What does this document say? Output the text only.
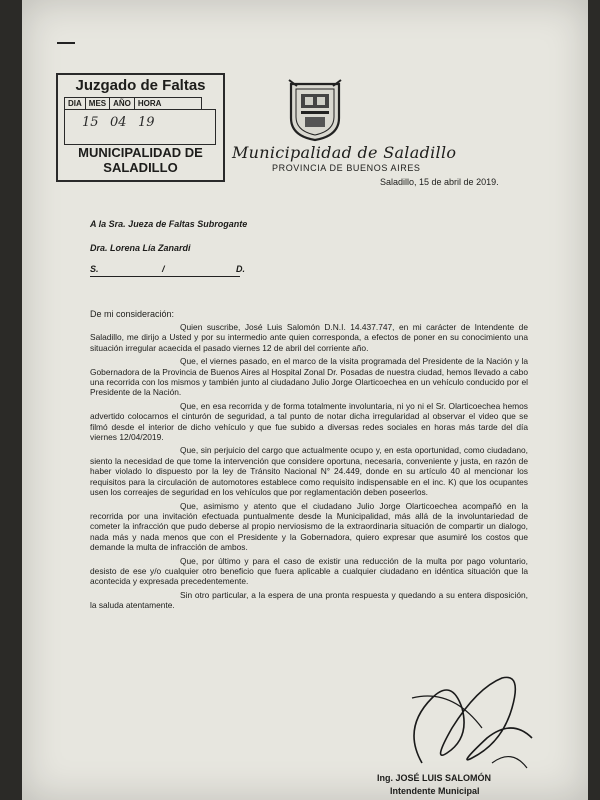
Juzgado de Faltas
DIA MES AÑO HORA
15 04 19
MUNICIPALIDAD DE
SALADILLO
Municipalidad de Saladillo
PROVINCIA DE BUENOS AIRES
Saladillo, 15 de abril de 2019.
A la Sra. Jueza de Faltas Subrogante
Dra. Lorena Lía Zanardi
S.	/	D.
De mi consideración:

Quien suscribe, José Luis Salomón D.N.I. 14.437.747, en mi carácter de Intendente de Saladillo, me dirijo a Usted y por su intermedio ante quien corresponda, a efectos de poner en su conocimiento una situación irregular acaecida el pasado viernes 12 de abril del corriente año.

Que, el viernes pasado, en el marco de la visita programada del Presidente de la Nación y la Gobernadora de la Provincia de Buenos Aires al Hospital Zonal Dr. Posadas de nuestra ciudad, hemos llevado a cabo una recorrida con los mismos y también junto al ciudadano Julio Jorge Olarticoechea en un vehículo conducido por el Presidente de la Nación.

Que, en esa recorrida y de forma totalmente involuntaria, ni yo ni el Sr. Olarticoechea hemos advertido colocarnos el cinturón de seguridad, a tal punto de notar dicha irregularidad al observar el video que se filmó desde el interior de dicho vehículo y que fue subido a diversas redes sociales en horas más tarde del día viernes 12/04/2019.

Que, sin perjuicio del cargo que actualmente ocupo y, en esta oportunidad, como ciudadano, siento la necesidad de que tome la intervención que considere oportuna, necesaria, conveniente y justa, en razón de haber violado lo dispuesto por la ley de Tránsito Nacional N° 24.449, donde en su artículo 40 al mencionar los requisitos para la circulación de automotores establece como requisito indispensable en el inc. K) que los ocupantes usen los correajes de seguridad en los vehículos que por reglamentación deben poseerlos.

Que, asimismo y atento que el ciudadano Julio Jorge Olarticoechea acompañó en la recorrida por una invitación efectuada puntualmente desde la Municipalidad, más allá de la involuntariedad de cometer la infracción que pudo deberse al propio nerviosismo de la extraordinaria situación de compartir un dialogo, nada más y nada menos que con el Presidente y la Gobernadora, quiero expresar que asumiré los costos que demande la multa de infracción de ambos.

Que, por último y para el caso de existir una reducción de la multa por pago voluntario, desisto de ese y/o cualquier otro beneficio que fuera aplicable a cualquier ciudadano en idéntica situación que la acontecida y expresada precedentemente.

Sin otro particular, a la espera de una pronta respuesta y quedando a su entera disposición, la saluda atentamente.

Ing. JOSÉ LUIS SALOMÓN
Intendente Municipal
